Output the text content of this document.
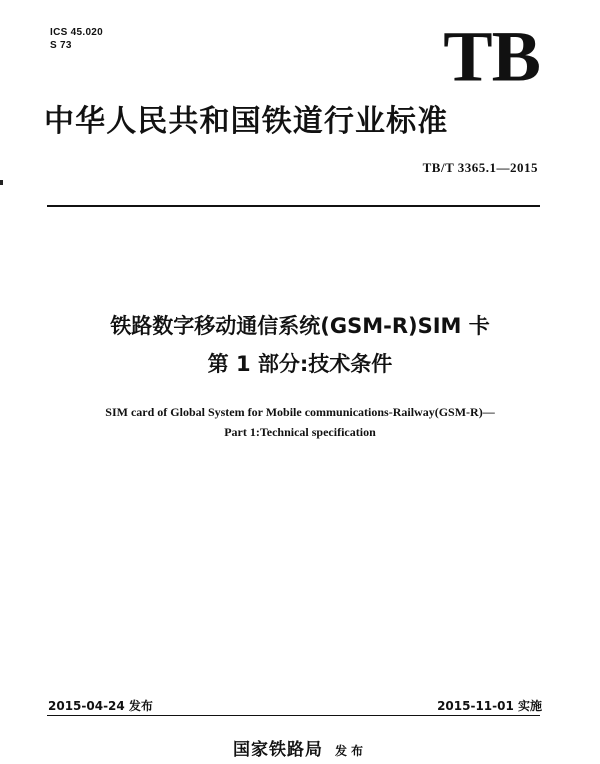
ICS 45.020
S 73	TB
中华人民共和国铁道行业标准
TB/T 3365.1—2015
铁路数字移动通信系统(GSM-R)SIM 卡
第 1 部分:技术条件
SIM card of Global System for Mobile communications-Railway(GSM-R)—
Part 1:Technical specification
2015-04-24 发布	2015-11-01 实施
国家铁路局 发布
